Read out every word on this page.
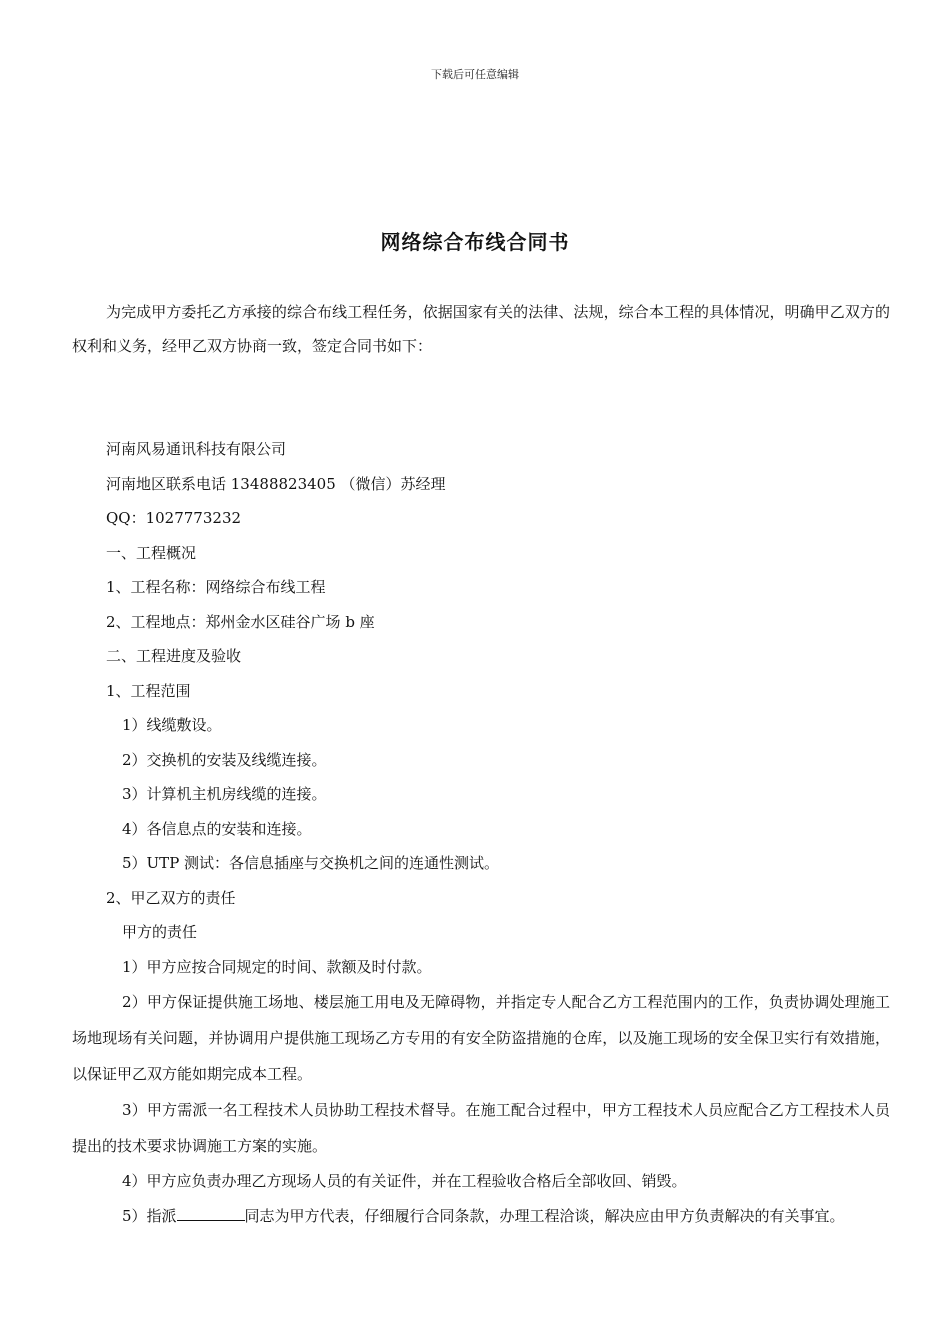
下载后可任意编辑
网络综合布线合同书

为完成甲方委托乙方承接的综合布线工程任务，依据国家有关的法律、法规，综合本工程的具体情况，明确甲乙双方的权利和义务，经甲乙双方协商一致，签定合同书如下：

河南风易通讯科技有限公司
河南地区联系电话 13488823405 （微信）苏经理
QQ：1027773232
一、工程概况
1、工程名称：网络综合布线工程
2、工程地点：郑州金水区硅谷广场 b 座
二、工程进度及验收
1、工程范围
1）线缆敷设。
2）交换机的安装及线缆连接。
3）计算机主机房线缆的连接。
4）各信息点的安装和连接。
5）UTP 测试：各信息插座与交换机之间的连通性测试。
2、甲乙双方的责任
甲方的责任
1）甲方应按合同规定的时间、款额及时付款。

2）甲方保证提供施工场地、楼层施工用电及无障碍物，并指定专人配合乙方工程范围内的工作，负责协调处理施工场地现场有关问题，并协调用户提供施工现场乙方专用的有安全防盗措施的仓库，以及施工现场的安全保卫实行有效措施，以保证甲乙双方能如期完成本工程。

3）甲方需派一名工程技术人员协助工程技术督导。在施工配合过程中，甲方工程技术人员应配合乙方工程技术人员提出的技术要求协调施工方案的实施。

4）甲方应负责办理乙方现场人员的有关证件，并在工程验收合格后全部收回、销毁。

5）指派	同志为甲方代表，仔细履行合同条款，办理工程洽谈，解决应由甲方负责解决的有关事宜。
